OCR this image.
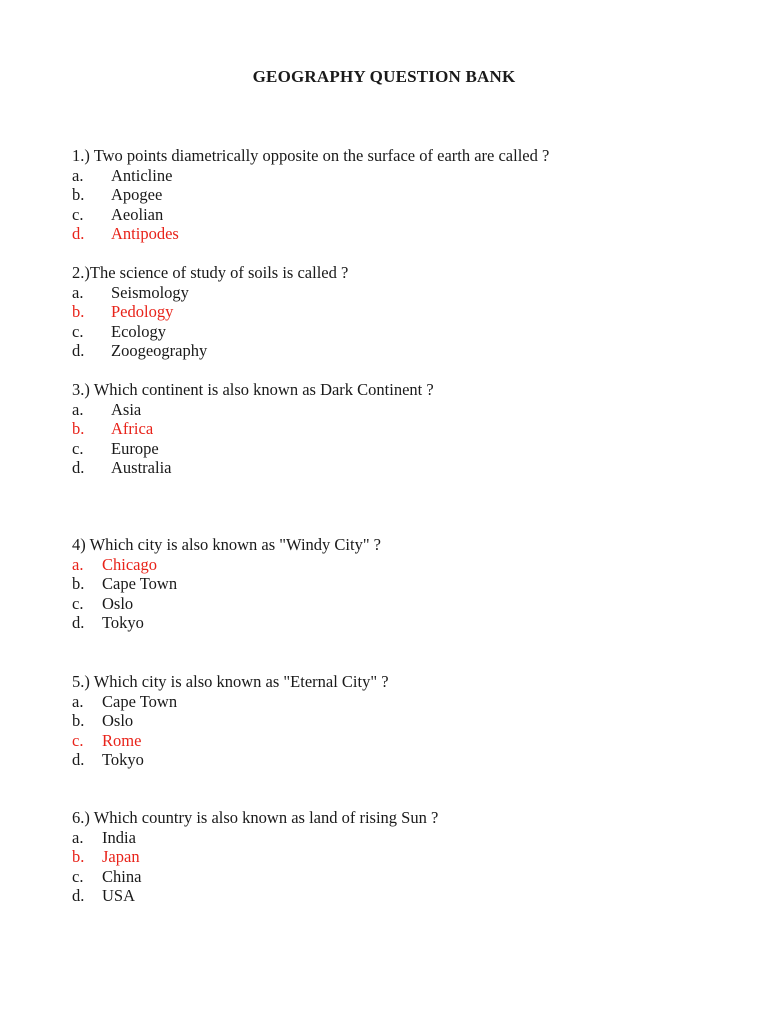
GEOGRAPHY QUESTION BANK
1.) Two points diametrically opposite on the surface of earth are called ?
a. Anticline
b. Apogee
c. Aeolian
d. Antipodes
2.)The science of study of soils is called ?
a. Seismology
b. Pedology
c. Ecology
d. Zoogeography
3.) Which continent is also known as Dark Continent ?
a. Asia
b. Africa
c. Europe
d. Australia
4) Which city is also known as "Windy City" ?
a. Chicago
b. Cape Town
c. Oslo
d. Tokyo
5.) Which city is also known as "Eternal City" ?
a. Cape Town
b. Oslo
c. Rome
d. Tokyo
6.) Which country is also known as land of rising Sun ?
a. India
b. Japan
c. China
d. USA
